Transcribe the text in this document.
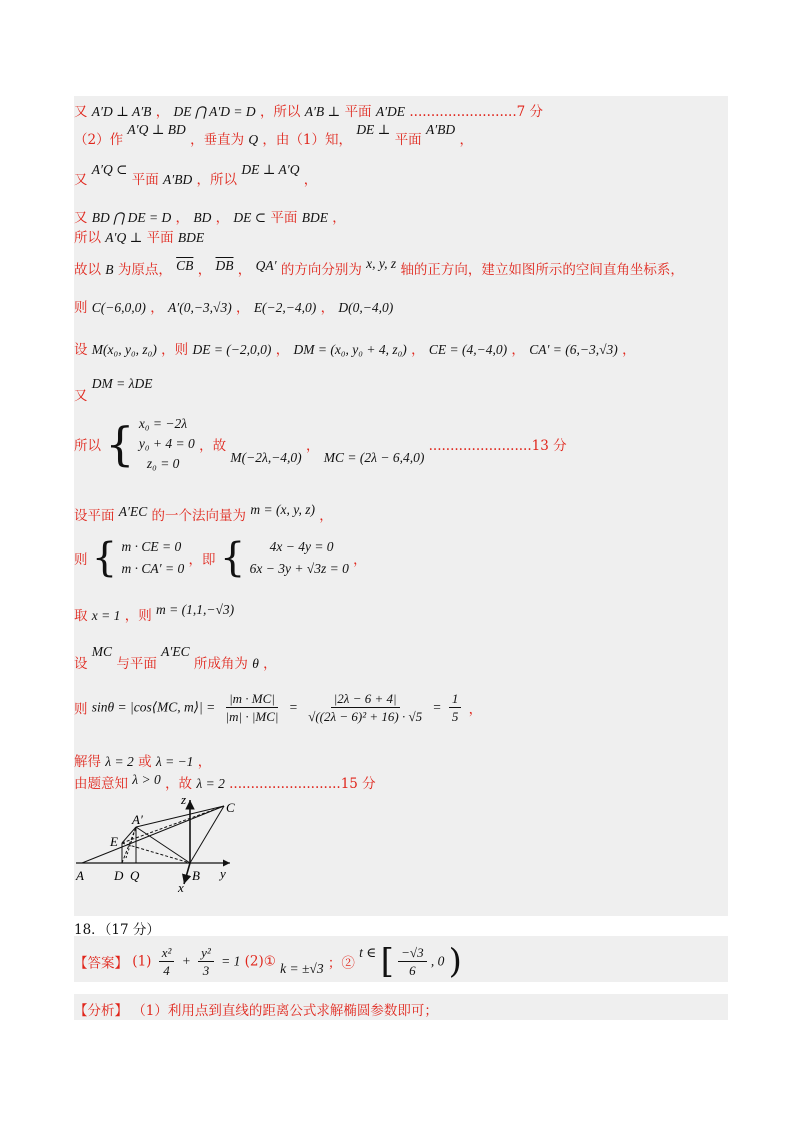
又 A′D ⊥ A′B ， DE ⋂ A′D = D ，所以 A′B ⊥ 平面 A′DE .........................7 分
（2）作 A′Q ⊥ BD ，垂直为 Q ，由（1）知， DE ⊥ 平面 A′BD ，
又 A′Q ⊂ 平面 A′BD ，所以 DE ⊥ A′Q ，
又 BD ⋂ DE = D ， BD ， DE ⊂ 平面 BDE ，
所以 A′Q ⊥ 平面 BDE
故以 B 为原点， $\overline{CB}$ ， $\overline{DB}$ ， QA′ 的方向分别为 x, y, z 轴的正方向，建立如图所示的空间直角坐标系，
则 C(−6,0,0) ， A′(0,−3,√3) ， E(−2,−4,0) ， D(0,−4,0)
设 M(x₀, y₀, z₀) ，则 DE = (−2,0,0) ， DM = (x₀, y₀ + 4, z₀) ， CE = (4,−4,0) ， CA′ = (6,−3,√3) ，
又 DM = λDE
所以 { x₀ = −2λ
y₀ + 4 = 0
z₀ = 0 ，故 M(−2λ,−4,0) ， MC = (2λ − 6,4,0) ........................13 分
设平面 A′EC 的一个法向量为 m = (x, y, z) ，
则 { m · CE = 0
m · CA′ = 0 ，即 { 4x − 4y = 0
6x − 3y + √3z = 0 ，
取 x = 1 ，则 m = (1,1,−√3)
设 MC 与平面 A′EC 所成角为 θ ，
则 sinθ = |cos⟨MC, m⟩| = $\frac{|m \cdot MC|}{|m| \cdot |MC|} = \frac{|2\lambda - 6 + 4|}{\text{√((2λ − 6)² + 16) · √5}} = \frac{1}{5}$ ，
解得 λ = 2 或 λ = −1 ，
由题意知 λ > 0 ，故 λ = 2 ..........................15 分
z
C
A′
E
A D Q	B y
x
18．（17 分）
【答案】 $(1) \frac{\text{x²}}{4} + \frac{\text{y²}}{3} = 1$ (2)① k = ±√3 ；② t ∈ [ $\frac{-√3}{6}$ , 0 )
【分析】 （1）利用点到直线的距离公式求解椭圆参数即可；
